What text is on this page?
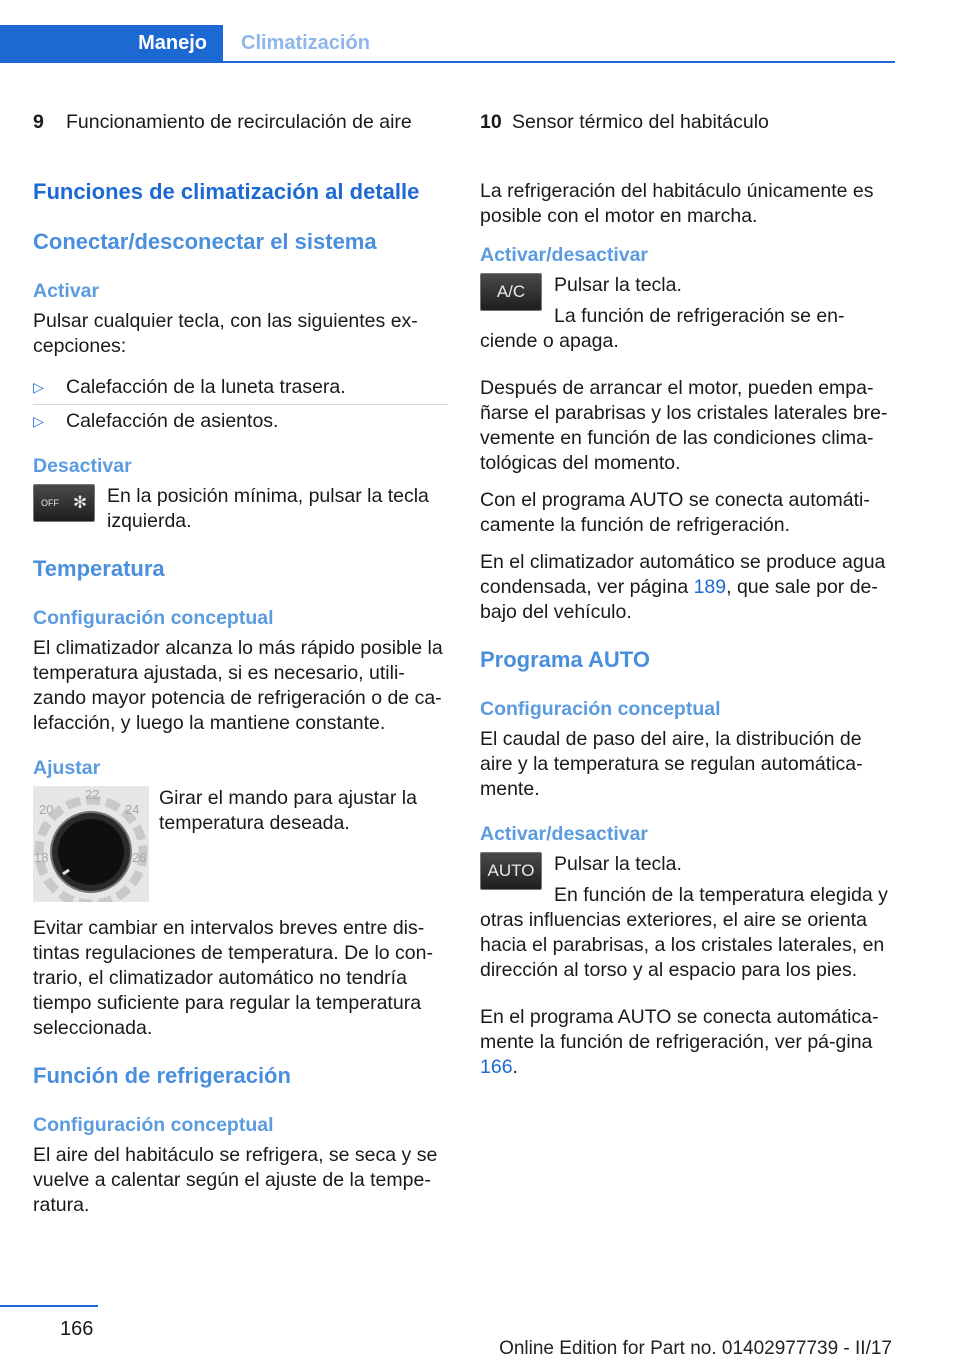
Manejo	Climatización
9	Funcionamiento de recirculación de aire
Funciones de climatización al detalle
Conectar/desconectar el sistema
Activar

Pulsar cualquier tecla, con las siguientes ex-cepciones:

▷	Calefacción de la luneta trasera.
▷	Calefacción de asientos.
Desactivar
OFF ✻ En la posición mínima, pulsar la tecla izquierda.
Temperatura
Configuración conceptual

El climatizador alcanza lo más rápido posible la temperatura ajustada, si es necesario, utili-zando mayor potencia de refrigeración o de ca-lefacción, y luego la mantiene constante.

Ajustar
22
20	24
18	26

Girar el mando para ajustar la temperatura deseada.

Evitar cambiar en intervalos breves entre dis-tintas regulaciones de temperatura. De lo con-trario, el climatizador automático no tendría tiempo suficiente para regular la temperatura seleccionada.

Función de refrigeración
Configuración conceptual

El aire del habitáculo se refrigera, se seca y se vuelve a calentar según el ajuste de la tempe-ratura.

10 Sensor térmico del habitáculo

La refrigeración del habitáculo únicamente es posible con el motor en marcha.

Activar/desactivar
A/C	Pulsar la tecla.

La función de refrigeración se en-ciende o apaga.

Después de arrancar el motor, pueden empa-ñarse el parabrisas y los cristales laterales bre-vemente en función de las condiciones clima-tológicas del momento.

Con el programa AUTO se conecta automáti-camente la función de refrigeración.

En el climatizador automático se produce agua condensada, ver página 189, que sale por de-bajo del vehículo.

Programa AUTO
Configuración conceptual

El caudal de paso del aire, la distribución de aire y la temperatura se regulan automática-mente.

Activar/desactivar
AUTO	Pulsar la tecla.

En función de la temperatura elegida y otras influencias exteriores, el aire se orienta hacia el parabrisas, a los cristales laterales, en dirección al torso y al espacio para los pies.

En el programa AUTO se conecta automática-mente la función de refrigeración, ver pá-gina 166.

166
Online Edition for Part no. 01402977739 - II/17
